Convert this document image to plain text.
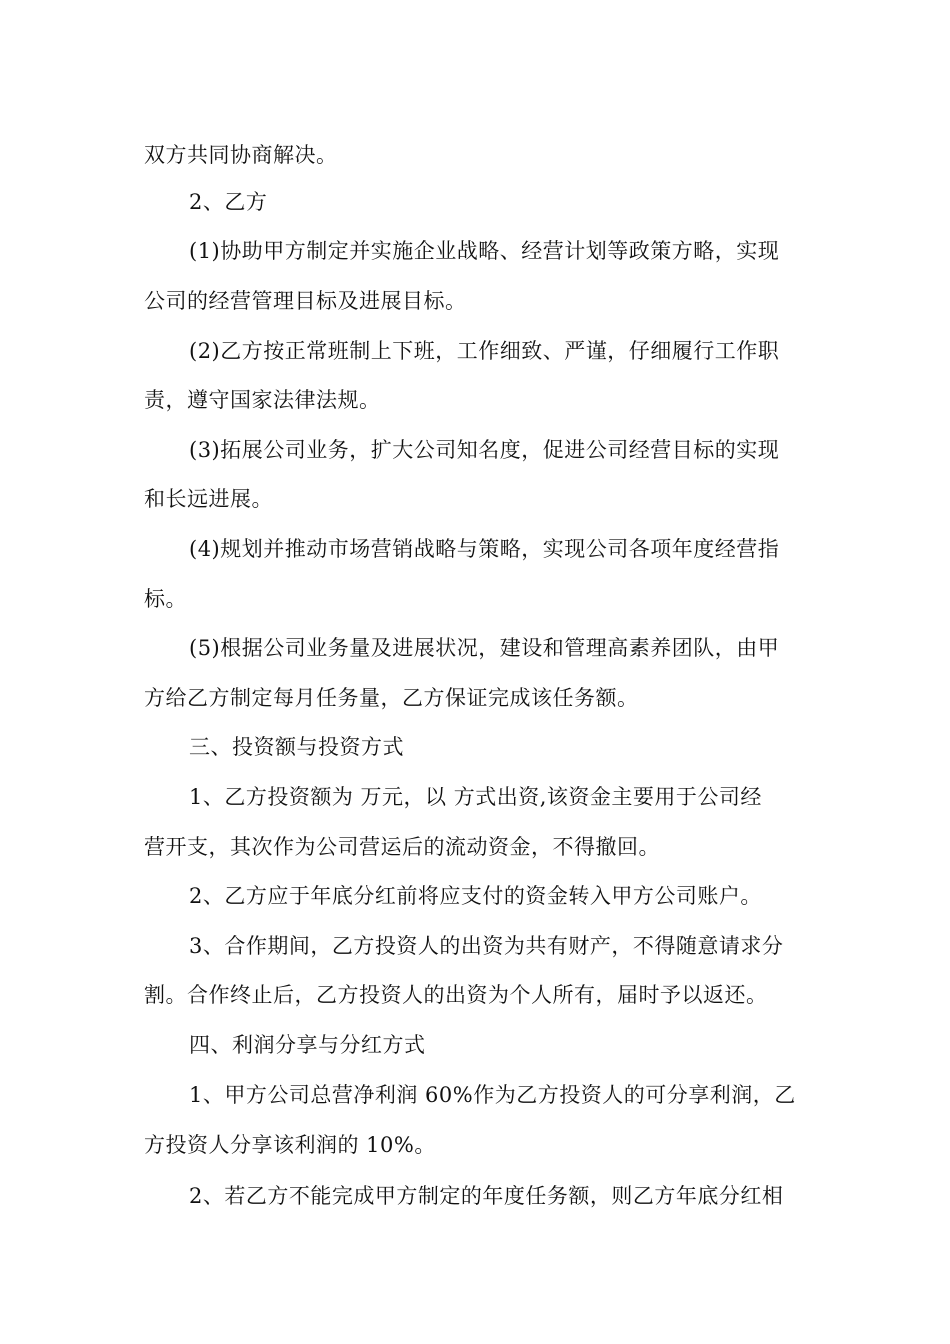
双方共同协商解决。
2、乙方
(1)协助甲方制定并实施企业战略、经营计划等政策方略，实现
公司的经营管理目标及进展目标。
(2)乙方按正常班制上下班，工作细致、严谨，仔细履行工作职
责，遵守国家法律法规。
(3)拓展公司业务，扩大公司知名度，促进公司经营目标的实现
和长远进展。
(4)规划并推动市场营销战略与策略，实现公司各项年度经营指
标。
(5)根据公司业务量及进展状况，建设和管理高素养团队，由甲
方给乙方制定每月任务量，乙方保证完成该任务额。
三、投资额与投资方式
1、乙方投资额为 万元，以 方式出资,该资金主要用于公司经
营开支，其次作为公司营运后的流动资金，不得撤回。
2、乙方应于年底分红前将应支付的资金转入甲方公司账户。
3、合作期间，乙方投资人的出资为共有财产，不得随意请求分
割。合作终止后，乙方投资人的出资为个人所有，届时予以返还。
四、利润分享与分红方式
1、甲方公司总营净利润 60%作为乙方投资人的可分享利润，乙
方投资人分享该利润的 10%。
2、若乙方不能完成甲方制定的年度任务额，则乙方年底分红相
